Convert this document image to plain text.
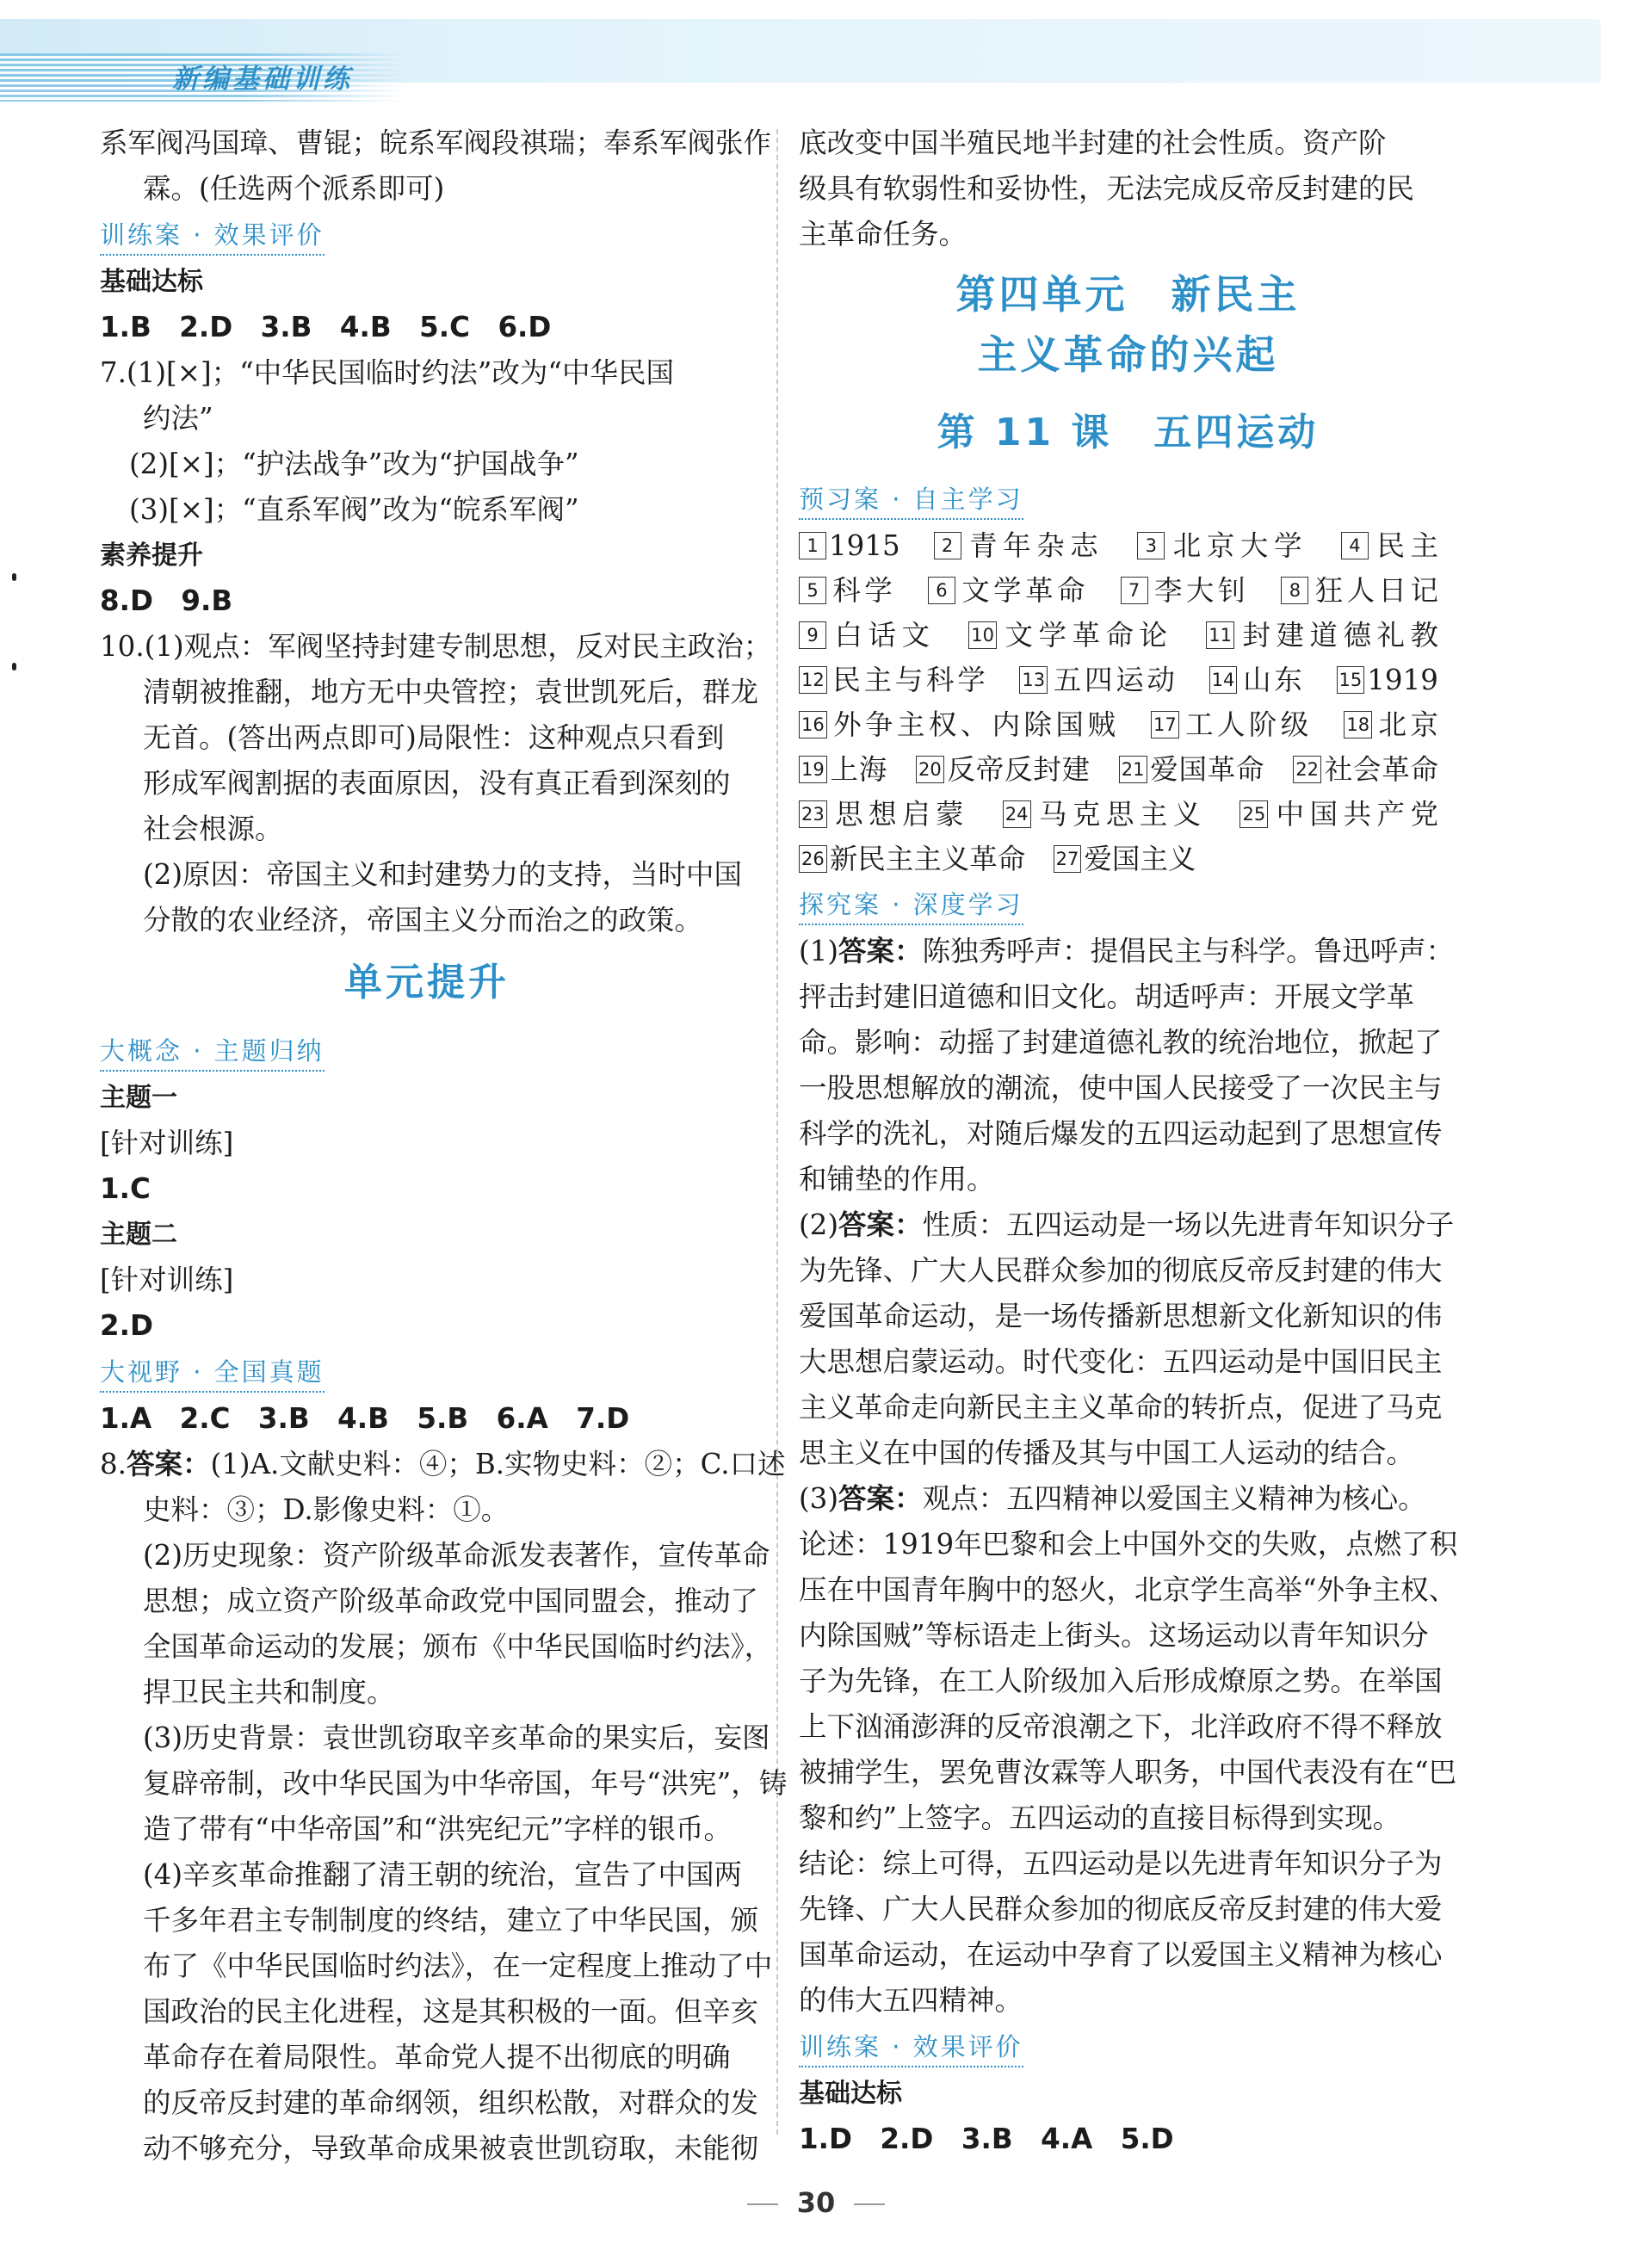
新编基础训练
系军阀冯国璋、曹锟；皖系军阀段祺瑞；奉系军阀张作
霖。(任选两个派系即可)
训练案 · 效果评价
基础达标
1.B　2.D　3.B　4.B　5.C　6.D
7.(1)[×]；“中华民国临时约法”改为“中华民国
约法”
(2)[×]；“护法战争”改为“护国战争”
(3)[×]；“直系军阀”改为“皖系军阀”
素养提升
8.D　9.B
10.(1)观点：军阀坚持封建专制思想，反对民主政治；
清朝被推翻，地方无中央管控；袁世凯死后，群龙
无首。(答出两点即可)局限性：这种观点只看到
形成军阀割据的表面原因，没有真正看到深刻的
社会根源。
(2)原因：帝国主义和封建势力的支持，当时中国
分散的农业经济，帝国主义分而治之的政策。
单元提升
大概念 · 主题归纳
主题一
[针对训练]
1.C
主题二
[针对训练]
2.D
大视野 · 全国真题
1.A　2.C　3.B　4.B　5.B　6.A　7.D
8.答案：(1)A.文献史料：④；B.实物史料：②；C.口述
史料：③；D.影像史料：①。
(2)历史现象：资产阶级革命派发表著作，宣传革命
思想；成立资产阶级革命政党中国同盟会，推动了
全国革命运动的发展；颁布《中华民国临时约法》，
捍卫民主共和制度。
(3)历史背景：袁世凯窃取辛亥革命的果实后，妄图
复辟帝制，改中华民国为中华帝国，年号“洪宪”，铸
造了带有“中华帝国”和“洪宪纪元”字样的银币。
(4)辛亥革命推翻了清王朝的统治，宣告了中国两
千多年君主专制制度的终结，建立了中华民国，颁
布了《中华民国临时约法》，在一定程度上推动了中
国政治的民主化进程，这是其积极的一面。但辛亥
革命存在着局限性。革命党人提不出彻底的明确
的反帝反封建的革命纲领，组织松散，对群众的发
动不够充分，导致革命成果被袁世凯窃取，未能彻
底改变中国半殖民地半封建的社会性质。资产阶
级具有软弱性和妥协性，无法完成反帝反封建的民
主革命任务。
第四单元　新民主
主义革命的兴起
第 11 课　五四运动
预习案 · 自主学习
1 1915 2 青年杂志 3 北京大学 4 民主 5 科学 6 文学革命 7 李大钊 8 狂人日记 9 白话文 10 文学革命论 11 封建道德礼教 12 民主与科学 13 五四运动 14 山东 15 1919 16 外争主权、内除国贼 17 工人阶级 18 北京 19 上海 20 反帝反封建 21 爱国革命 22 社会革命 23 思想启蒙 24 马克思主义 25 中国共产党 26 新民主主义革命 27 爱国主义
探究案 · 深度学习
(1)答案：陈独秀呼声：提倡民主与科学。鲁迅呼声：
抨击封建旧道德和旧文化。胡适呼声：开展文学革
命。影响：动摇了封建道德礼教的统治地位，掀起了
一股思想解放的潮流，使中国人民接受了一次民主与
科学的洗礼，对随后爆发的五四运动起到了思想宣传
和铺垫的作用。
(2)答案：性质：五四运动是一场以先进青年知识分子
为先锋、广大人民群众参加的彻底反帝反封建的伟大
爱国革命运动，是一场传播新思想新文化新知识的伟
大思想启蒙运动。时代变化：五四运动是中国旧民主
主义革命走向新民主主义革命的转折点，促进了马克
思主义在中国的传播及其与中国工人运动的结合。
(3)答案：观点：五四精神以爱国主义精神为核心。
论述：1919年巴黎和会上中国外交的失败，点燃了积
压在中国青年胸中的怒火，北京学生高举“外争主权、
内除国贼”等标语走上街头。这场运动以青年知识分
子为先锋，在工人阶级加入后形成燎原之势。在举国
上下汹涌澎湃的反帝浪潮之下，北洋政府不得不释放
被捕学生，罢免曹汝霖等人职务，中国代表没有在“巴
黎和约”上签字。五四运动的直接目标得到实现。
结论：综上可得，五四运动是以先进青年知识分子为
先锋、广大人民群众参加的彻底反帝反封建的伟大爱
国革命运动，在运动中孕育了以爱国主义精神为核心
的伟大五四精神。
训练案 · 效果评价
基础达标
1.D　2.D　3.B　4.A　5.D
30
